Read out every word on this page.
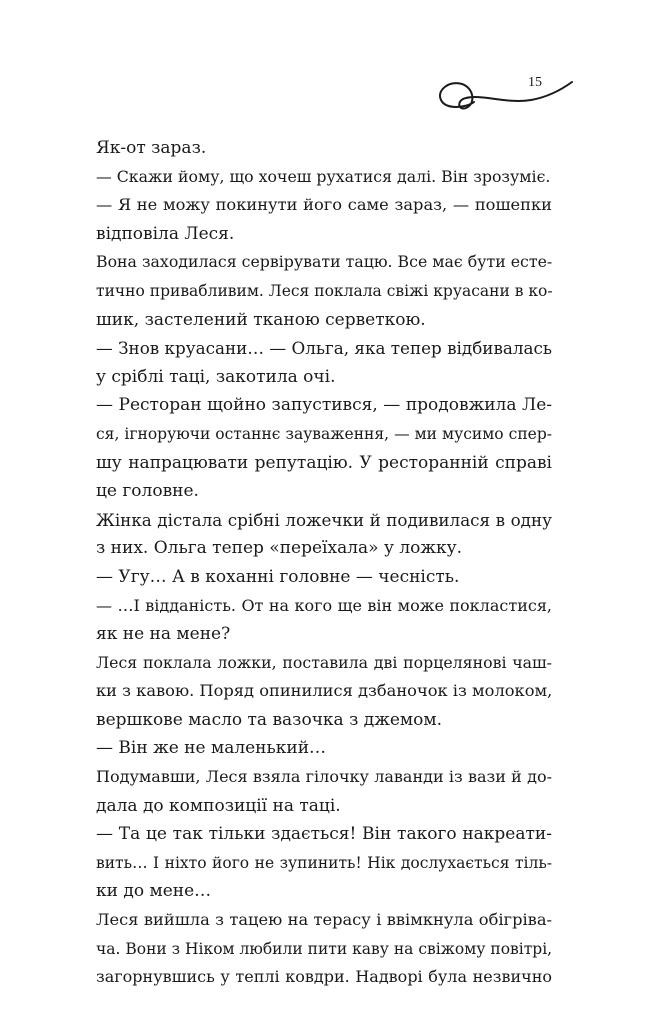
15
Як-от зараз.
— Скажи йому, що хочеш рухатися далі. Він зрозуміє.
— Я не можу покинути його саме зараз, — пошепки
відповіла Леся.
Вона заходилася сервірувати тацю. Все має бути есте-
тично привабливим. Леся поклала свіжі круасани в ко-
шик, застелений тканою серветкою.
— Знов круасани… — Ольга, яка тепер відбивалась
у сріблі таці, закотила очі.
— Ресторан щойно запустився, — продовжила Ле-
ся, ігноруючи останнє зауваження, — ми мусимо спер-
шу напрацювати репутацію. У ресторанній справі
це головне.
Жінка дістала срібні ложечки й подивилася в одну
з них. Ольга тепер «переїхала» у ложку.
— Угу… А в коханні головне — чесність.
— …І відданість. От на кого ще він може покластися,
як не на мене?
Леся поклала ложки, поставила дві порцелянові чаш-
ки з кавою. Поряд опинилися дзбаночок із молоком,
вершкове масло та вазочка з джемом.
— Він же не маленький…
Подумавши, Леся взяла гілочку лаванди із вази й до-
дала до композиції на таці.
— Та це так тільки здається! Він такого накреати-
вить… І ніхто його не зупинить! Нік дослухається тіль-
ки до мене…
Леся вийшла з тацею на терасу і ввімкнула обігріва-
ча. Вони з Ніком любили пити каву на свіжому повітрі,
загорнувшись у теплі ковдри. Надворі була незвично
